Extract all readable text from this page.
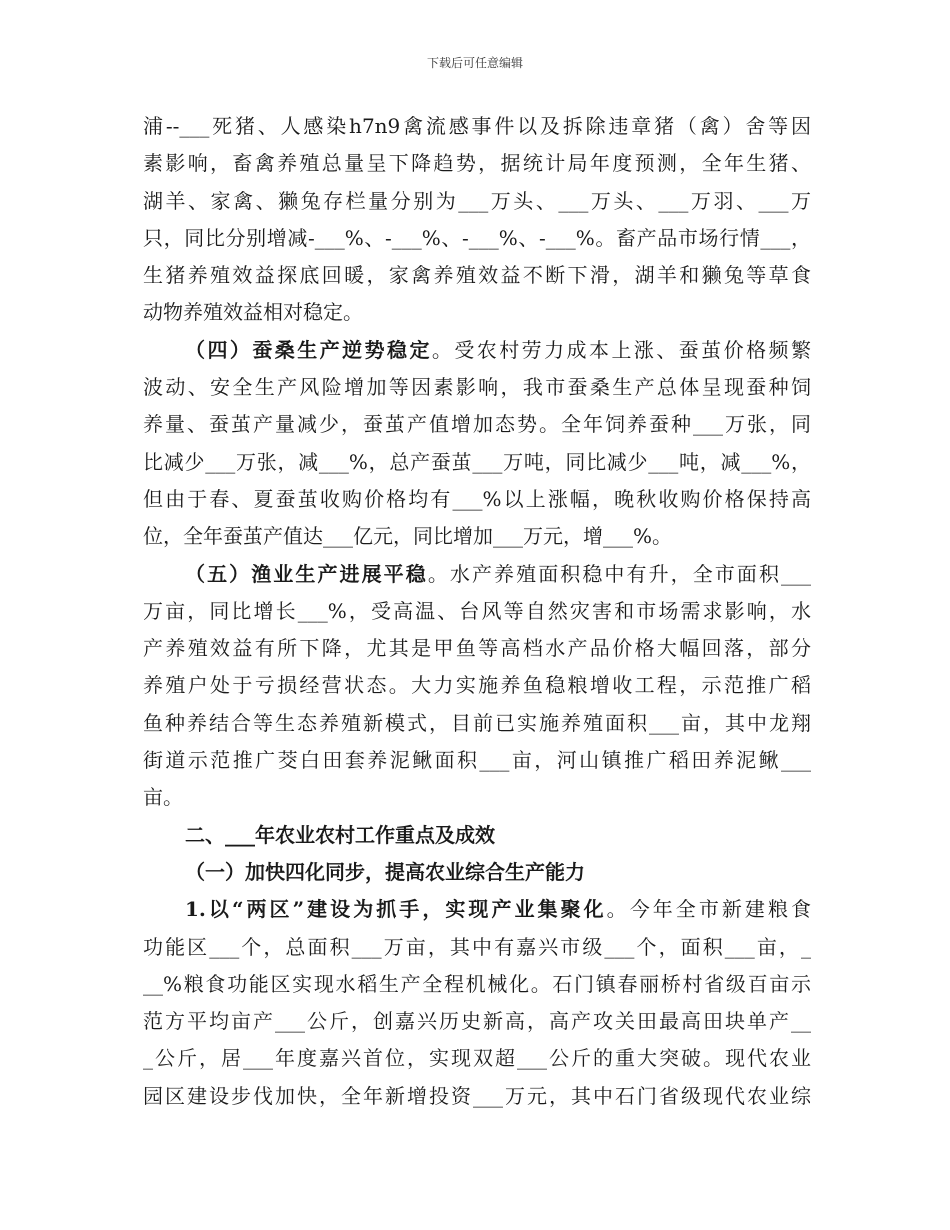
下载后可任意编辑
浦--___死猪、人感染h7n9禽流感事件以及拆除违章猪（禽）舍等因
素影响，畜禽养殖总量呈下降趋势，据统计局年度预测，全年生猪、
湖羊、家禽、獭兔存栏量分别为___万头、___万头、___万羽、___万
只，同比分别增减-___%、-___%、-___%、-___%。畜产品市场行情___，
生猪养殖效益探底回暖，家禽养殖效益不断下滑，湖羊和獭兔等草食
动物养殖效益相对稳定。
（四）蚕桑生产逆势稳定。受农村劳力成本上涨、蚕茧价格频繁
波动、安全生产风险增加等因素影响，我市蚕桑生产总体呈现蚕种饲
养量、蚕茧产量减少，蚕茧产值增加态势。全年饲养蚕种___万张，同
比减少___万张，减___%，总产蚕茧___万吨，同比减少___吨，减___%，
但由于春、夏蚕茧收购价格均有___%以上涨幅，晚秋收购价格保持高
位，全年蚕茧产值达___亿元，同比增加___万元，增___%。
（五）渔业生产进展平稳。水产养殖面积稳中有升，全市面积___
万亩，同比增长___%，受高温、台风等自然灾害和市场需求影响，水
产养殖效益有所下降，尤其是甲鱼等高档水产品价格大幅回落，部分
养殖户处于亏损经营状态。大力实施养鱼稳粮增收工程，示范推广稻
鱼种养结合等生态养殖新模式，目前已实施养殖面积___亩，其中龙翔
街道示范推广茭白田套养泥鳅面积___亩，河山镇推广稻田养泥鳅___
亩。
二、___年农业农村工作重点及成效
（一）加快四化同步，提高农业综合生产能力
1.以“两区”建设为抓手，实现产业集聚化。今年全市新建粮食
功能区___个，总面积___万亩，其中有嘉兴市级___个，面积___亩，_
__%粮食功能区实现水稻生产全程机械化。石门镇春丽桥村省级百亩示
范方平均亩产___公斤，创嘉兴历史新高，高产攻关田最高田块单产__
_公斤，居___年度嘉兴首位，实现双超___公斤的重大突破。现代农业
园区建设步伐加快，全年新增投资___万元，其中石门省级现代农业综
